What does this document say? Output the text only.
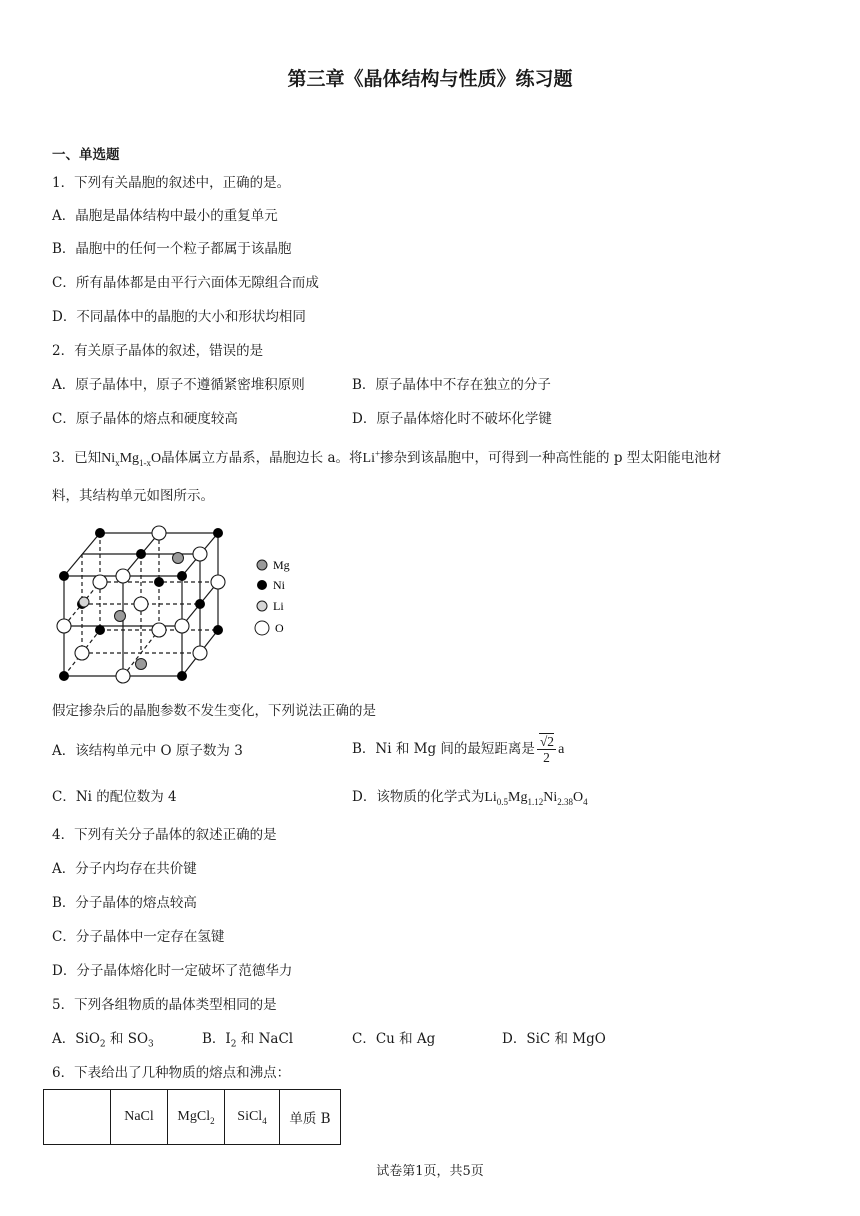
第三章《晶体结构与性质》练习题
一、单选题
1．下列有关晶胞的叙述中，正确的是。
A．晶胞是晶体结构中最小的重复单元
B．晶胞中的任何一个粒子都属于该晶胞
C．所有晶体都是由平行六面体无隙组合而成
D．不同晶体中的晶胞的大小和形状均相同
2．有关原子晶体的叙述，错误的是
A．原子晶体中，原子不遵循紧密堆积原则	B．原子晶体中不存在独立的分子
C．原子晶体的熔点和硬度较高	D．原子晶体熔化时不破坏化学键
3．已知$Ni_xMg_{1-x}O$晶体属立方晶系，晶胞边长 a。将Li+掺杂到该晶胞中，可得到一种高性能的 p 型太阳能电池材
料，其结构单元如图所示。
Mg
Ni
Li
O
假定掺杂后的晶胞参数不发生变化，下列说法正确的是
A．该结构单元中 O 原子数为 3	B．Ni 和 Mg 间的最短距离是 $\frac{√2}{2}$ a
C．Ni 的配位数为 4	D．该物质的化学式为$Li_{0.5}Mg_{1.12}Ni_{2.38}O_4$
4．下列有关分子晶体的叙述正确的是
A．分子内均存在共价键
B．分子晶体的熔点较高
C．分子晶体中一定存在氢键
D．分子晶体熔化时一定破坏了范德华力
5．下列各组物质的晶体类型相同的是
A．SiO$_2$ 和 $SO_3$	B．$I_2$ 和 NaCl	C．Cu 和 Ag	D．SiC 和 MgO
6．下表给出了几种物质的熔点和沸点：
	NaCl	MgCl$_2$	SiCl$_4$	单质 B
试卷第1页，共5页
